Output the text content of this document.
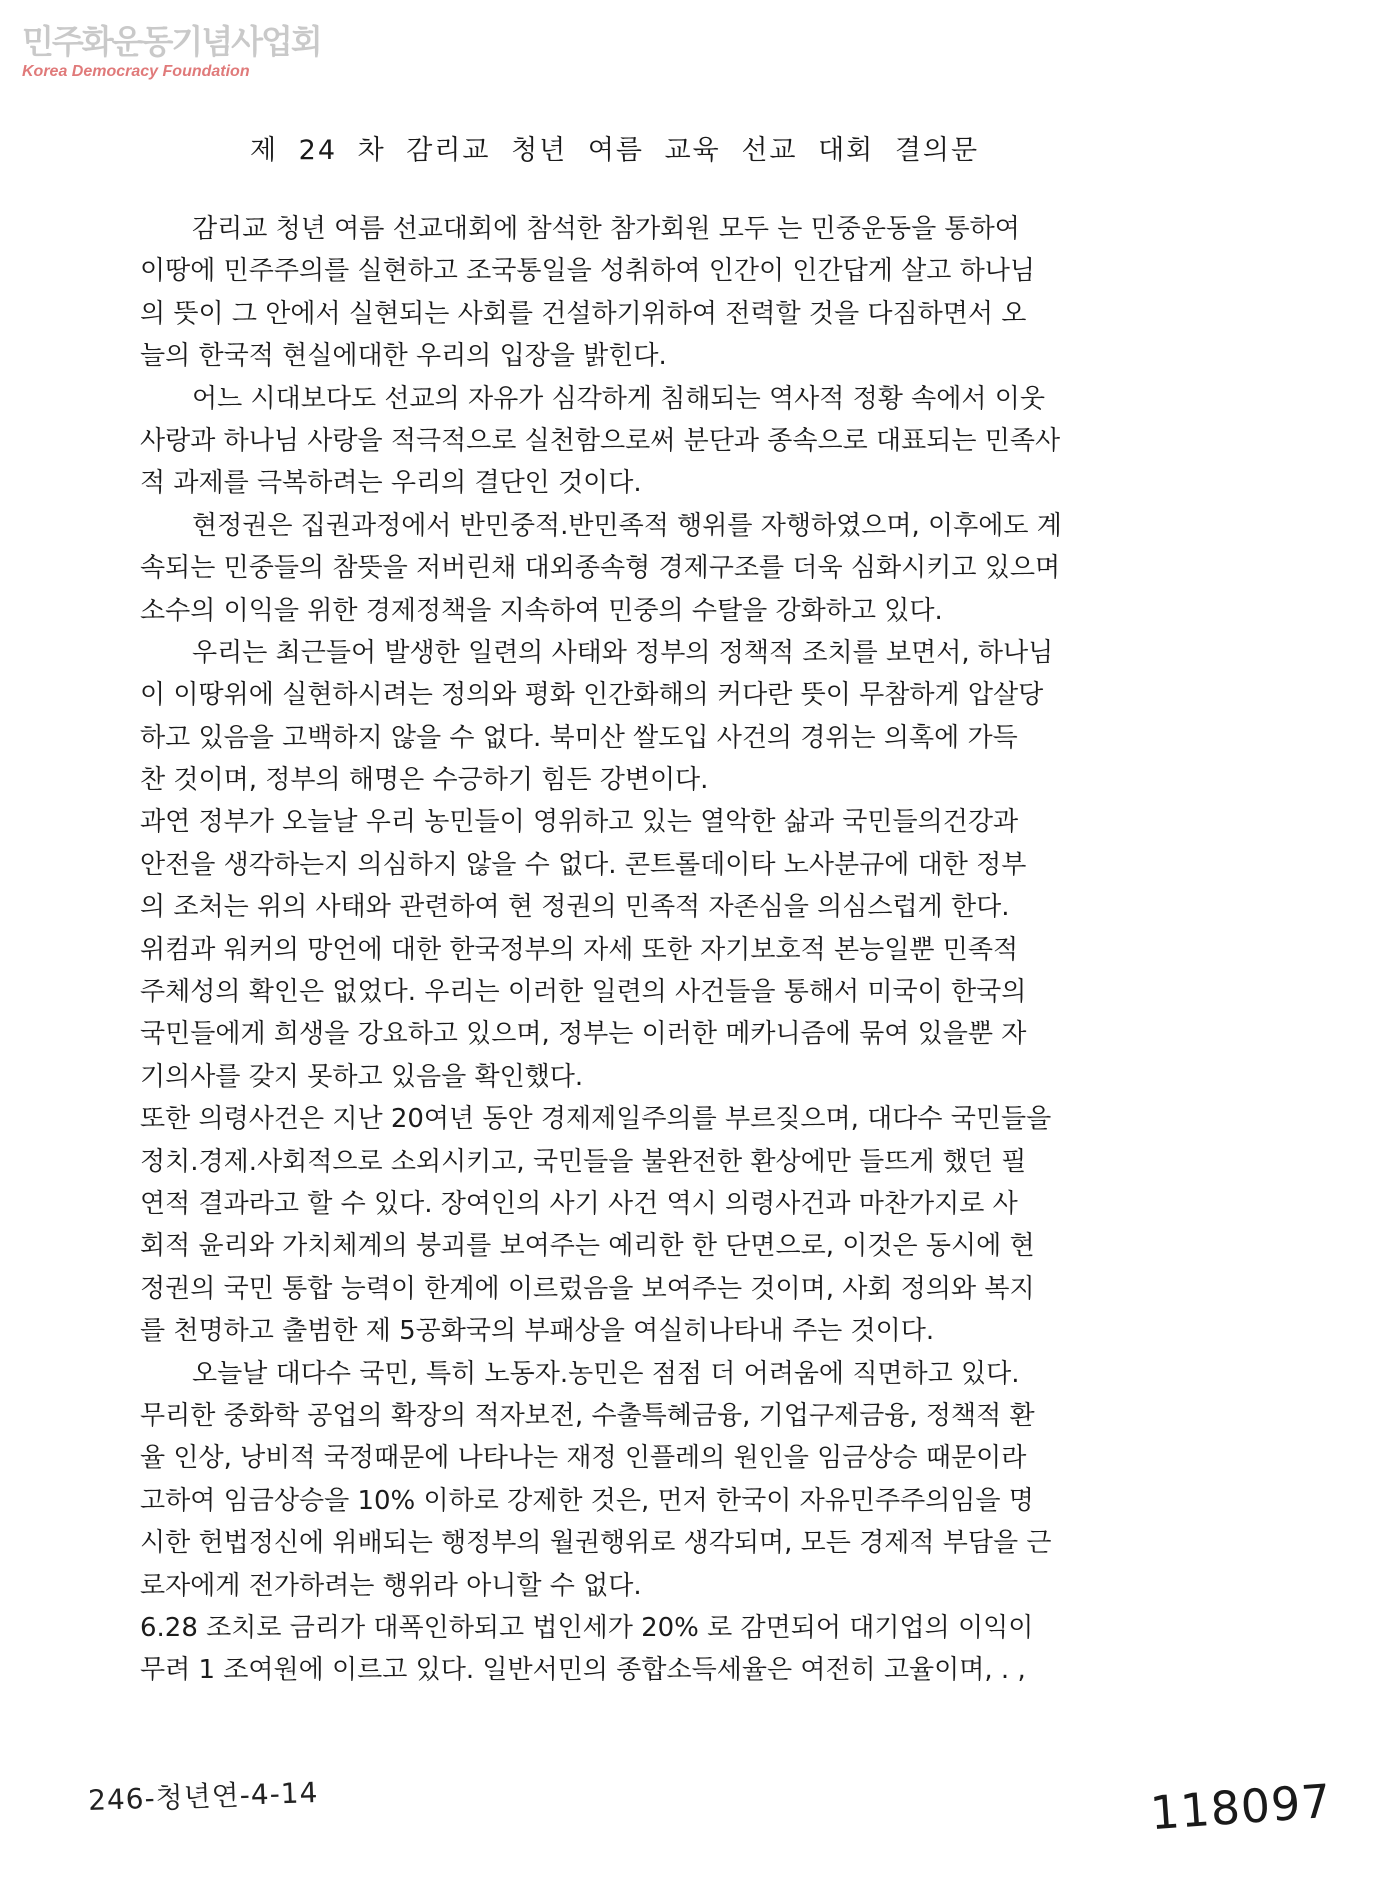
민주화운동기념사업회
Korea Democracy Foundation
제 24 차 감리교 청년 여름 교육 선교 대회 결의문
감리교 청년 여름 선교대회에 참석한 참가회원 모두 는 민중운동을 통하여
이땅에 민주주의를 실현하고 조국통일을 성취하여 인간이 인간답게 살고 하나님
의 뜻이 그 안에서 실현되는 사회를 건설하기위하여 전력할 것을 다짐하면서 오
늘의 한국적 현실에대한 우리의 입장을 밝힌다.
어느 시대보다도 선교의 자유가 심각하게 침해되는 역사적 정황 속에서 이웃
사랑과 하나님 사랑을 적극적으로 실천함으로써 분단과 종속으로 대표되는 민족사
적 과제를 극복하려는 우리의 결단인 것이다.
현정권은 집권과정에서 반민중적.반민족적 행위를 자행하였으며, 이후에도 계
속되는 민중들의 참뜻을 저버린채 대외종속형 경제구조를 더욱 심화시키고 있으며
소수의 이익을 위한 경제정책을 지속하여 민중의 수탈을 강화하고 있다.
우리는 최근들어 발생한 일련의 사태와 정부의 정책적 조치를 보면서, 하나님
이 이땅위에 실현하시려는 정의와 평화 인간화해의 커다란 뜻이 무참하게 압살당
하고 있음을 고백하지 않을 수 없다. 북미산 쌀도입 사건의 경위는 의혹에 가득
찬 것이며, 정부의 해명은 수긍하기 힘든 강변이다.
과연 정부가 오늘날 우리 농민들이 영위하고 있는 열악한 삶과 국민들의건강과
안전을 생각하는지 의심하지 않을 수 없다. 콘트롤데이타 노사분규에 대한 정부
의 조처는 위의 사태와 관련하여 현 정권의 민족적 자존심을 의심스럽게 한다.
위컴과 워커의 망언에 대한 한국정부의 자세 또한 자기보호적 본능일뿐 민족적
주체성의 확인은 없었다. 우리는 이러한 일련의 사건들을 통해서 미국이 한국의
국민들에게 희생을 강요하고 있으며, 정부는 이러한 메카니즘에 묶여 있을뿐 자
기의사를 갖지 못하고 있음을 확인했다.
또한 의령사건은 지난 20여년 동안 경제제일주의를 부르짖으며, 대다수 국민들을
정치.경제.사회적으로 소외시키고, 국민들을 불완전한 환상에만 들뜨게 했던 필
연적 결과라고 할 수 있다. 장여인의 사기 사건 역시 의령사건과 마찬가지로 사
회적 윤리와 가치체계의 붕괴를 보여주는 예리한 한 단면으로, 이것은 동시에 현
정권의 국민 통합 능력이 한계에 이르렀음을 보여주는 것이며, 사회 정의와 복지
를 천명하고 출범한 제 5공화국의 부패상을 여실히나타내 주는 것이다.
오늘날 대다수 국민, 특히 노동자.농민은 점점 더 어려움에 직면하고 있다.
무리한 중화학 공업의 확장의 적자보전, 수출특혜금융, 기업구제금융, 정책적 환
율 인상, 낭비적 국정때문에 나타나는 재정 인플레의 원인을 임금상승 때문이라
고하여 임금상승을 10% 이하로 강제한 것은, 먼저 한국이 자유민주주의임을 명
시한 헌법정신에 위배되는 행정부의 월권행위로 생각되며, 모든 경제적 부담을 근
로자에게 전가하려는 행위라 아니할 수 없다.
6.28 조치로 금리가 대폭인하되고 법인세가 20% 로 감면되어 대기업의 이익이
무려 1 조여원에 이르고 있다. 일반서민의 종합소득세율은 여전히 고율이며, . ,
246-청년연-4-14	118097
